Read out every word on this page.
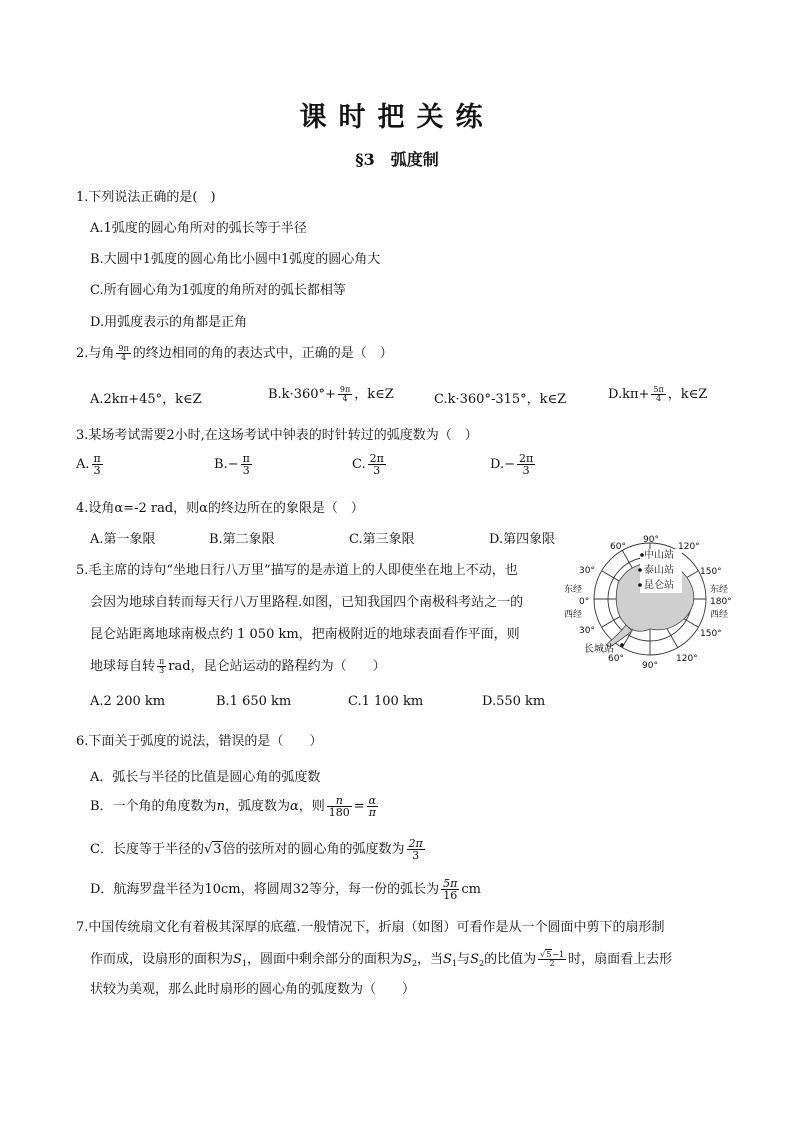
课时把关练
§3　弧度制
1.下列说法正确的是(　)
A.1弧度的圆心角所对的弧长等于半径
B.大圆中1弧度的圆心角比小圆中1弧度的圆心角大
C.所有圆心角为1弧度的角所对的弧长都相等
D.用弧度表示的角都是正角
2.与角 $\frac{9\pi}{4}$ 的终边相同的角的表达式中，正确的是（　）
A.2kπ+45°，k∈Z	$B.k\cdot 360^\circ+ \frac{9\pi}{4}$ ，k∈Z	C.k·360°-315°，k∈Z	$D.k\pi+ \frac{5\pi}{4}$ ，k∈Z
3.某场考试需要2小时,在这场考试中钟表的时针转过的弧度数为（　）
A. $\frac{\pi}{3}$	$B.- \frac{\pi}{3}$	C. $\frac{2\pi}{3}$	$D.- \frac{2\pi}{3}$
4.设角α=-2 rad，则α的终边所在的象限是（　）
A.第一象限	B.第二象限	C.第三象限	D.第四象限
5.毛主席的诗句“坐地日行八万里”描写的是赤道上的人即使坐在地上不动，也
会因为地球自转而每天行八万里路程.如图，已知我国四个南极科考站之一的
昆仑站距离地球南极点约 1 050 km，把南极附近的地球表面看作平面，则
地球每自转 $\frac{\pi}{3}$ rad，昆仑站运动的路程约为（　　）
A.2 200 km	B.1 650 km	C.1 100 km	D.550 km
中山站
泰山站
昆仑站
长城站
60°
90°
120°
30°
东经
0°
西经
30°
150°
东经
180°
西经
150°
60°
90°
120°
6.下面关于弧度的说法，错误的是（　　）
A．弧长与半径的比值是圆心角的弧度数
B．一个角的角度数为n，弧度数为α，则 $\frac{n}{180} = \frac{\alpha}{\pi}$
C．长度等于半径的√3倍的弦所对的圆心角的弧度数为 $\frac{2\pi}{3}$
D．航海罗盘半径为10cm，将圆周32等分，每一份的弧长为 $\frac{5\pi}{16}$ cm
7.中国传统扇文化有着极其深厚的底蕴.一般情况下，折扇（如图）可看作是从一个圆面中剪下的扇形制
作而成，设扇形的面积为$S_1$，圆面中剩余部分的面积为$S_2$，当$S_1$与$S_2$的比值为 $\frac{√5-1}{2}$ 时，扇面看上去形
状较为美观，那么此时扇形的圆心角的弧度数为（　　）
